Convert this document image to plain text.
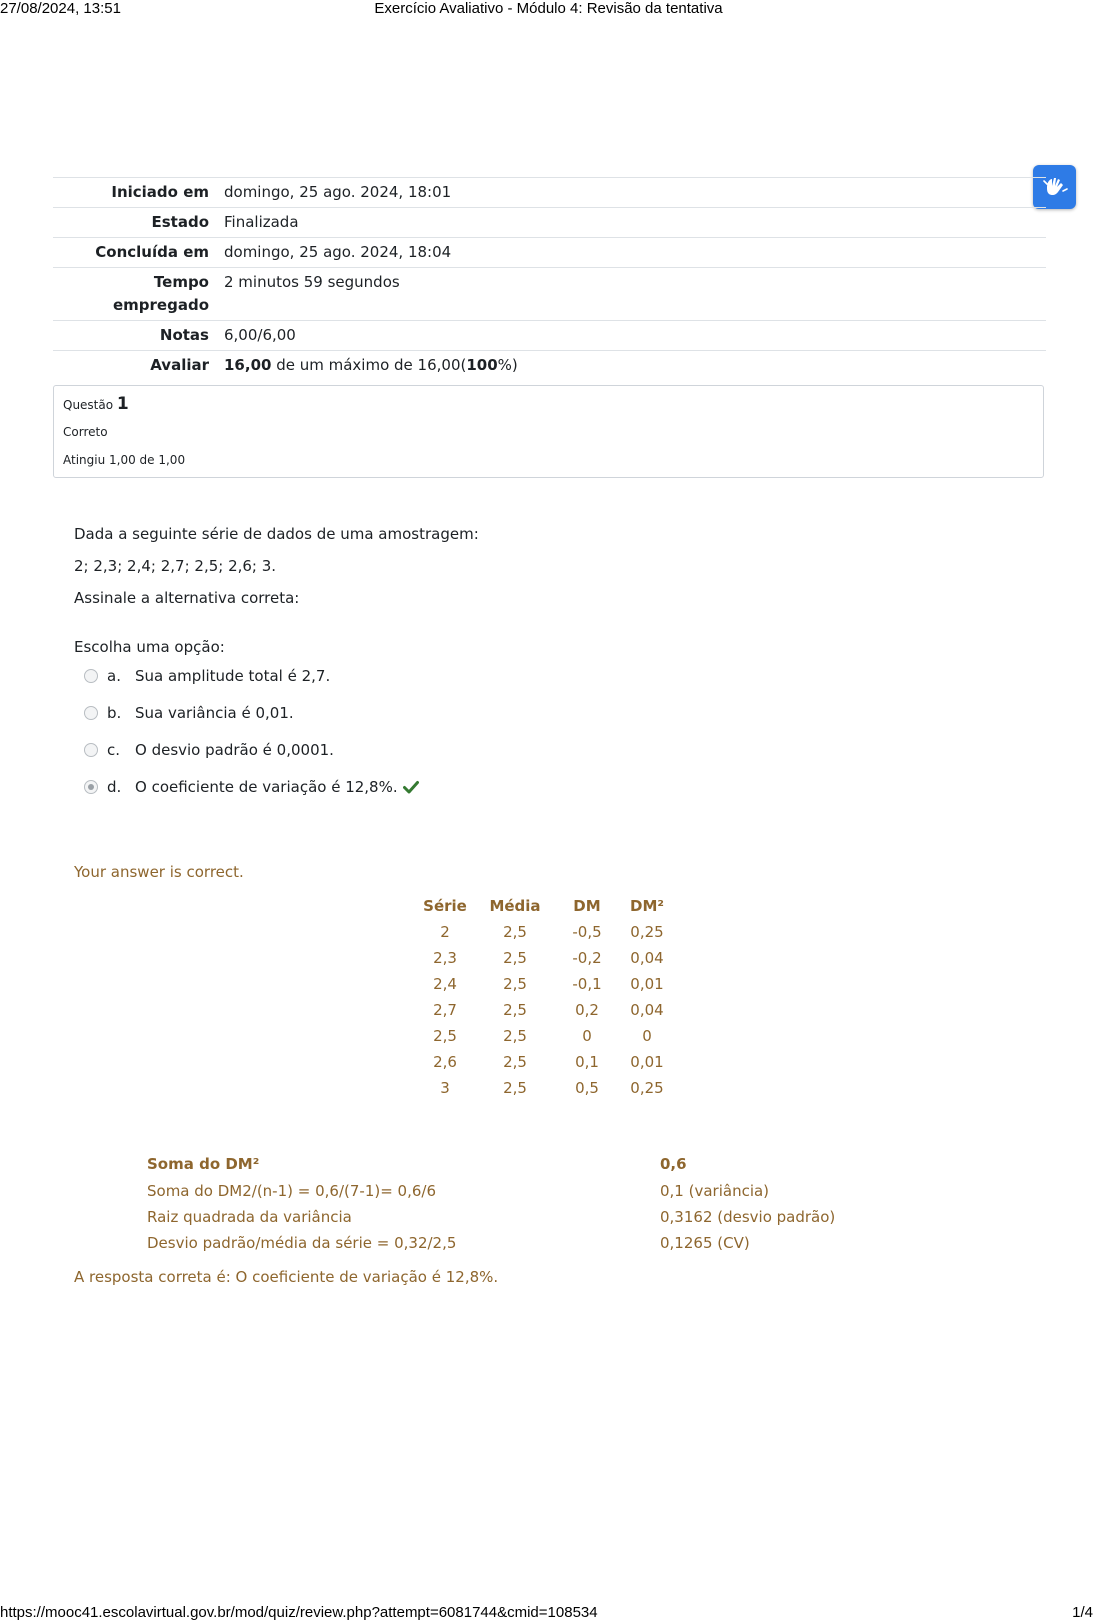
27/08/2024, 13:51	Exercício Avaliativo - Módulo 4: Revisão da tentativa
Iniciado em	domingo, 25 ago. 2024, 18:01
Estado	Finalizada
Concluída em	domingo, 25 ago. 2024, 18:04
Tempo
empregado	2 minutos 59 segundos
Notas	6,00/6,00
Avaliar	16,00 de um máximo de 16,00(100%)
Questão 1
Correto
Atingiu 1,00 de 1,00
Dada a seguinte série de dados de uma amostragem:
2; 2,3; 2,4; 2,7; 2,5; 2,6; 3.
Assinale a alternativa correta:
Escolha uma opção:
a. Sua amplitude total é 2,7.
b. Sua variância é 0,01.
c. O desvio padrão é 0,0001.
d. O coeficiente de variação é 12,8%.
Your answer is correct.
Série	Média	DM	DM²
2	2,5	-0,5	0,25
2,3	2,5	-0,2	0,04
2,4	2,5	-0,1	0,01
2,7	2,5	0,2	0,04
2,5	2,5	0	0
2,6	2,5	0,1	0,01
3	2,5	0,5	0,25
Soma do DM²	0,6
Soma do DM2/(n-1) = 0,6/(7-1)= 0,6/6	0,1 (variância)
Raiz quadrada da variância	0,3162 (desvio padrão)
Desvio padrão/média da série = 0,32/2,5	0,1265 (CV)
A resposta correta é: O coeficiente de variação é 12,8%.
https://mooc41.escolavirtual.gov.br/mod/quiz/review.php?attempt=6081744&cmid=108534	1/4
